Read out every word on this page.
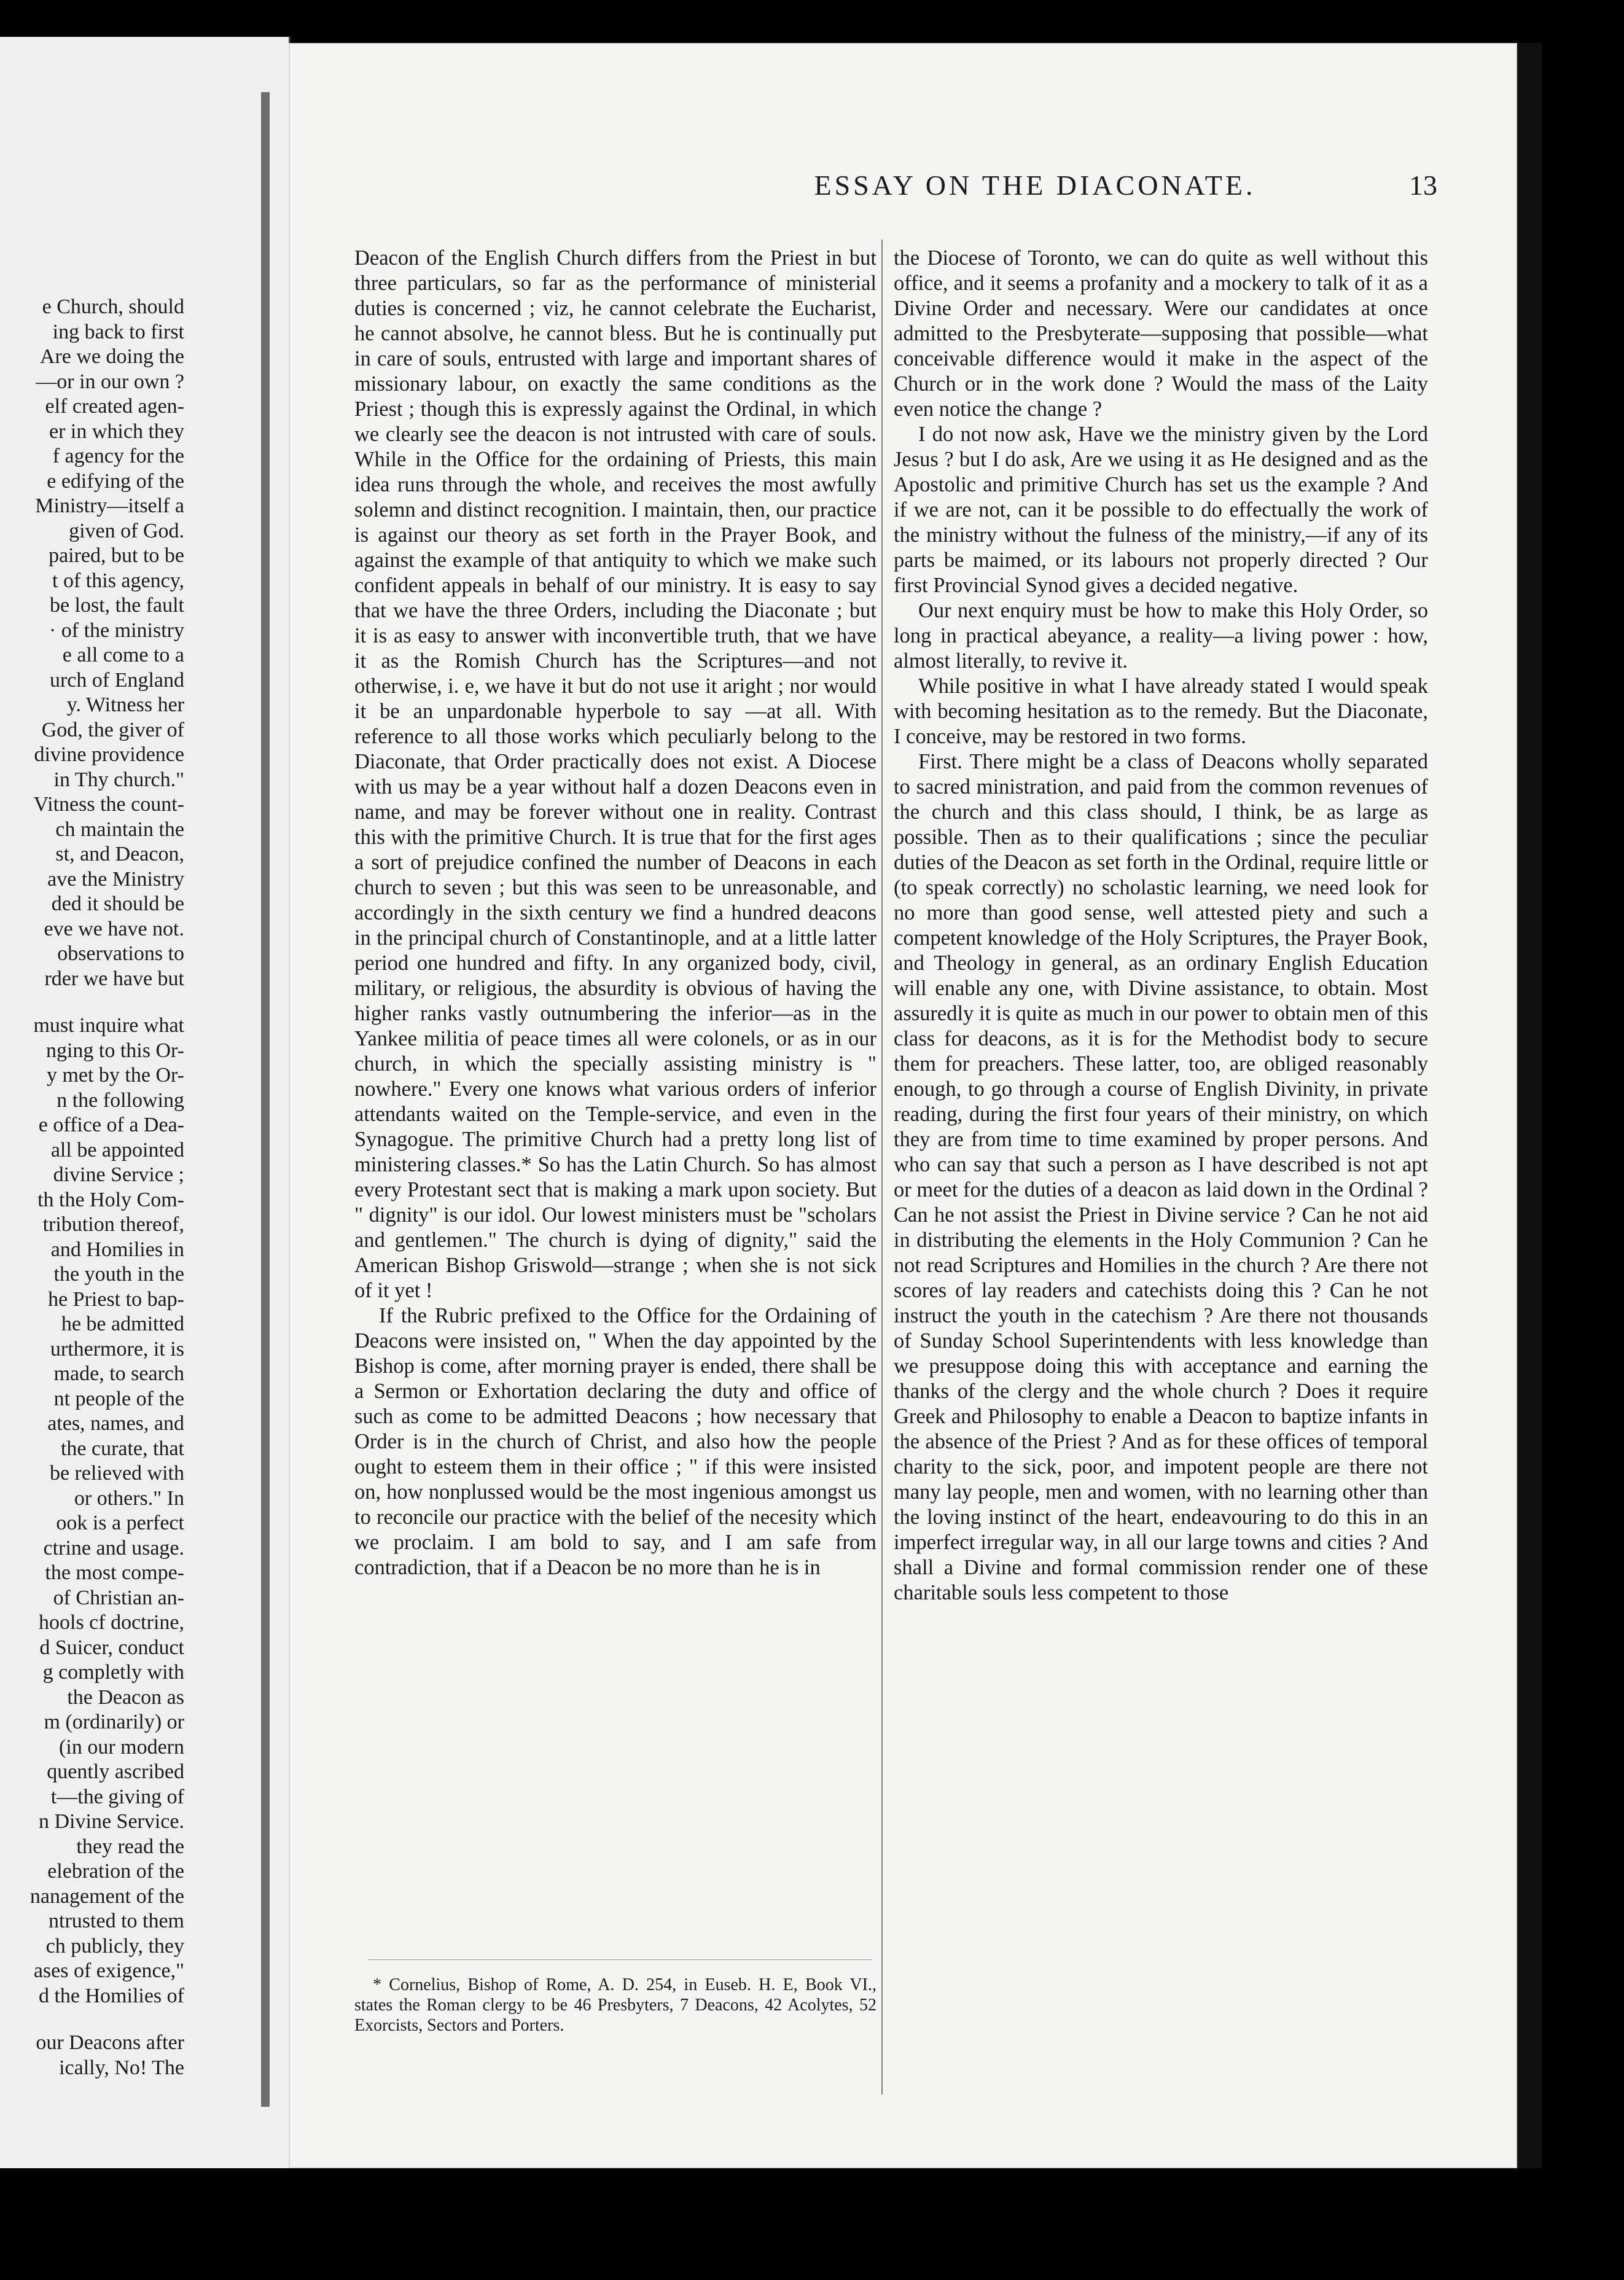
e Church, should
ing back to first
Are we doing the
—or in our own ?
elf created agen-
er in which they
f agency for the
e edifying of the
Ministry—itself a
given of God.
paired, but to be
t of this agency,
be lost, the fault
· of the ministry
e all come to a
urch of England
y. Witness her
God, the giver of
divine providence
in Thy church."
Vitness the count-
ch maintain the
st, and Deacon,
ave the Ministry
ded it should be
eve we have not.
observations to
rder we have but
must inquire what
nging to this Or-
y met by the Or-
n the following
e office of a Dea-
all be appointed
divine Service ;
th the Holy Com-
tribution thereof,
and Homilies in
the youth in the
he Priest to bap-
he be admitted
urthermore, it is
made, to search
nt people of the
ates, names, and
the curate, that
be relieved with
or others." In
ook is a perfect
ctrine and usage.
the most compe-
of Christian an-
hools cf doctrine,
d Suicer, conduct
g completly with
the Deacon as
m (ordinarily) or
(in our modern
quently ascribed
t—the giving of
n Divine Service.
they read the
elebration of the
nanagement of the
ntrusted to them
ch publicly, they
ases of exigence,"
d the Homilies of
our Deacons after
ically, No! The
ESSAY ON THE DIACONATE.	13

Deacon of the English Church differs from the Priest in but three particulars, so far as the performance of ministerial duties is concerned ; viz, he cannot celebrate the Eucharist, he cannot absolve, he cannot bless. But he is continually put in care of souls, entrusted with large and important shares of missionary labour, on exactly the same conditions as the Priest ; though this is expressly against the Ordinal, in which we clearly see the deacon is not intrusted with care of souls. While in the Office for the ordaining of Priests, this main idea runs through the whole, and receives the most awfully solemn and distinct recognition. I maintain, then, our practice is against our theory as set forth in the Prayer Book, and against the example of that antiquity to which we make such confident appeals in behalf of our ministry. It is easy to say that we have the three Orders, including the Diaconate ; but it is as easy to answer with inconvertible truth, that we have it as the Romish Church has the Scriptures—and not otherwise, i. e, we have it but do not use it aright ; nor would it be an unpardonable hyperbole to say —at all. With reference to all those works which peculiarly belong to the Diaconate, that Order practically does not exist. A Diocese with us may be a year without half a dozen Deacons even in name, and may be forever without one in reality. Contrast this with the primitive Church. It is true that for the first ages a sort of prejudice confined the number of Deacons in each church to seven ; but this was seen to be unreasonable, and accordingly in the sixth century we find a hundred deacons in the principal church of Constantinople, and at a little latter period one hundred and fifty. In any organized body, civil, military, or religious, the absurdity is obvious of having the higher ranks vastly outnumbering the inferior—as in the Yankee militia of peace times all were colonels, or as in our church, in which the specially assisting ministry is " nowhere." Every one knows what various orders of inferior attendants waited on the Temple-service, and even in the Synagogue. The primitive Church had a pretty long list of ministering classes.* So has the Latin Church. So has almost every Protestant sect that is making a mark upon society. But " dignity" is our idol. Our lowest ministers must be "scholars and gentlemen." The church is dying of dignity," said the American Bishop Griswold—strange ; when she is not sick of it yet !

If the Rubric prefixed to the Office for the Ordaining of Deacons were insisted on, " When the day appointed by the Bishop is come, after morning prayer is ended, there shall be a Sermon or Exhortation declaring the duty and office of such as come to be admitted Deacons ; how necessary that Order is in the church of Christ, and also how the people ought to esteem them in their office ; " if this were insisted on, how nonplussed would be the most ingenious amongst us to reconcile our practice with the belief of the necesity which we proclaim. I am bold to say, and I am safe from contradiction, that if a Deacon be no more than he is in

the Diocese of Toronto, we can do quite as well without this office, and it seems a profanity and a mockery to talk of it as a Divine Order and necessary. Were our candidates at once admitted to the Presbyterate—supposing that possible—what conceivable difference would it make in the aspect of the Church or in the work done ? Would the mass of the Laity even notice the change ?

I do not now ask, Have we the ministry given by the Lord Jesus ? but I do ask, Are we using it as He designed and as the Apostolic and primitive Church has set us the example ? And if we are not, can it be possible to do effectually the work of the ministry without the fulness of the ministry,—if any of its parts be maimed, or its labours not properly directed ? Our first Provincial Synod gives a decided negative.

Our next enquiry must be how to make this Holy Order, so long in practical abeyance, a reality—a living power : how, almost literally, to revive it.

While positive in what I have already stated I would speak with becoming hesitation as to the remedy. But the Diaconate, I conceive, may be restored in two forms.

First. There might be a class of Deacons wholly separated to sacred ministration, and paid from the common revenues of the church and this class should, I think, be as large as possible. Then as to their qualifications ; since the peculiar duties of the Deacon as set forth in the Ordinal, require little or (to speak correctly) no scholastic learning, we need look for no more than good sense, well attested piety and such a competent knowledge of the Holy Scriptures, the Prayer Book, and Theology in general, as an ordinary English Education will enable any one, with Divine assistance, to obtain. Most assuredly it is quite as much in our power to obtain men of this class for deacons, as it is for the Methodist body to secure them for preachers. These latter, too, are obliged reasonably enough, to go through a course of English Divinity, in private reading, during the first four years of their ministry, on which they are from time to time examined by proper persons. And who can say that such a person as I have described is not apt or meet for the duties of a deacon as laid down in the Ordinal ? Can he not assist the Priest in Divine service ? Can he not aid in distributing the elements in the Holy Communion ? Can he not read Scriptures and Homilies in the church ? Are there not scores of lay readers and catechists doing this ? Can he not instruct the youth in the catechism ? Are there not thousands of Sunday School Superintendents with less knowledge than we presuppose doing this with acceptance and earning the thanks of the clergy and the whole church ? Does it require Greek and Philosophy to enable a Deacon to baptize infants in the absence of the Priest ? And as for these offices of temporal charity to the sick, poor, and impotent people are there not many lay people, men and women, with no learning other than the loving instinct of the heart, endeavouring to do this in an imperfect irregular way, in all our large towns and cities ? And shall a Divine and formal commission render one of these charitable souls less competent to those

* Cornelius, Bishop of Rome, A. D. 254, in Euseb. H. E, Book VI., states the Roman clergy to be 46 Presbyters, 7 Deacons, 42 Acolytes, 52 Exorcists, Sectors and Porters.
